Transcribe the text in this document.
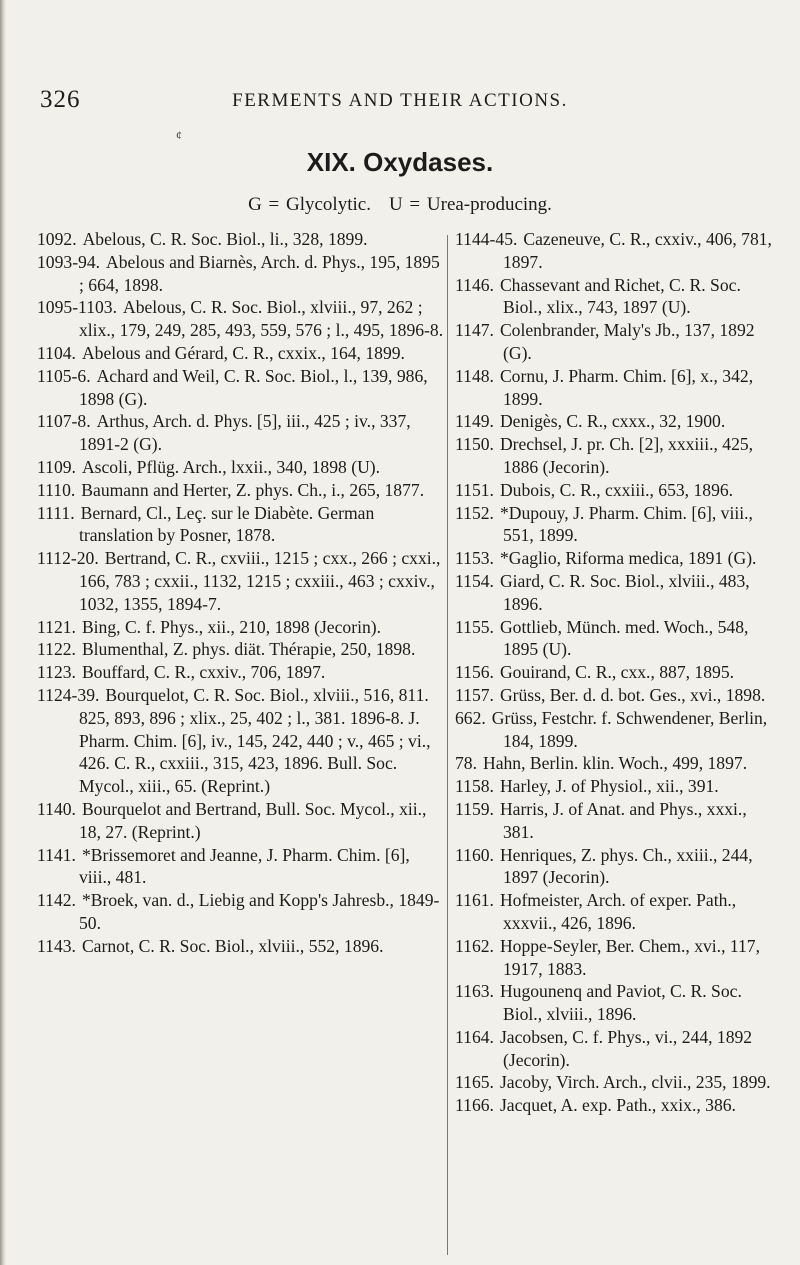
326	FERMENTS AND THEIR ACTIONS.
¢
XIX. Oxydases.
G = Glycolytic. U = Urea-producing.
1092. Abelous, C. R. Soc. Biol., li., 328, 1899.
1093-94. Abelous and Biarnès, Arch. d. Phys., 195, 1895 ; 664, 1898.
1095-1103. Abelous, C. R. Soc. Biol., xlviii., 97, 262 ; xlix., 179, 249, 285, 493, 559, 576 ; l., 495, 1896-8.
1104. Abelous and Gérard, C. R., cxxix., 164, 1899.
1105-6. Achard and Weil, C. R. Soc. Biol., l., 139, 986, 1898 (G).
1107-8. Arthus, Arch. d. Phys. [5], iii., 425 ; iv., 337, 1891-2 (G).
1109. Ascoli, Pflüg. Arch., lxxii., 340, 1898 (U).
1110. Baumann and Herter, Z. phys. Ch., i., 265, 1877.
1111. Bernard, Cl., Leç. sur le Diabète. German translation by Posner, 1878.
1112-20. Bertrand, C. R., cxviii., 1215 ; cxx., 266 ; cxxi., 166, 783 ; cxxii., 1132, 1215 ; cxxiii., 463 ; cxxiv., 1032, 1355, 1894-7.
1121. Bing, C. f. Phys., xii., 210, 1898 (Jecorin).
1122. Blumenthal, Z. phys. diät. Thérapie, 250, 1898.
1123. Bouffard, C. R., cxxiv., 706, 1897.
1124-39. Bourquelot, C. R. Soc. Biol., xlviii., 516, 811. 825, 893, 896 ; xlix., 25, 402 ; l., 381. 1896-8. J. Pharm. Chim. [6], iv., 145, 242, 440 ; v., 465 ; vi., 426. C. R., cxxiii., 315, 423, 1896. Bull. Soc. Mycol., xiii., 65. (Reprint.)
1140. Bourquelot and Bertrand, Bull. Soc. Mycol., xii., 18, 27. (Reprint.)
1141. *Brissemoret and Jeanne, J. Pharm. Chim. [6], viii., 481.
1142. *Broek, van. d., Liebig and Kopp's Jahresb., 1849-50.
1143. Carnot, C. R. Soc. Biol., xlviii., 552, 1896.
1144-45. Cazeneuve, C. R., cxxiv., 406, 781, 1897.
1146. Chassevant and Richet, C. R. Soc. Biol., xlix., 743, 1897 (U).
1147. Colenbrander, Maly's Jb., 137, 1892 (G).
1148. Cornu, J. Pharm. Chim. [6], x., 342, 1899.
1149. Denigès, C. R., cxxx., 32, 1900.
1150. Drechsel, J. pr. Ch. [2], xxxiii., 425, 1886 (Jecorin).
1151. Dubois, C. R., cxxiii., 653, 1896.
1152. *Dupouy, J. Pharm. Chim. [6], viii., 551, 1899.
1153. *Gaglio, Riforma medica, 1891 (G).
1154. Giard, C. R. Soc. Biol., xlviii., 483, 1896.
1155. Gottlieb, Münch. med. Woch., 548, 1895 (U).
1156. Gouirand, C. R., cxx., 887, 1895.
1157. Grüss, Ber. d. d. bot. Ges., xvi., 1898.
662. Grüss, Festchr. f. Schwendener, Berlin, 184, 1899.
78. Hahn, Berlin. klin. Woch., 499, 1897.
1158. Harley, J. of Physiol., xii., 391.
1159. Harris, J. of Anat. and Phys., xxxi., 381.
1160. Henriques, Z. phys. Ch., xxiii., 244, 1897 (Jecorin).
1161. Hofmeister, Arch. of exper. Path., xxxvii., 426, 1896.
1162. Hoppe-Seyler, Ber. Chem., xvi., 117, 1917, 1883.
1163. Hugounenq and Paviot, C. R. Soc. Biol., xlviii., 1896.
1164. Jacobsen, C. f. Phys., vi., 244, 1892 (Jecorin).
1165. Jacoby, Virch. Arch., clvii., 235, 1899.
1166. Jacquet, A. exp. Path., xxix., 386.
